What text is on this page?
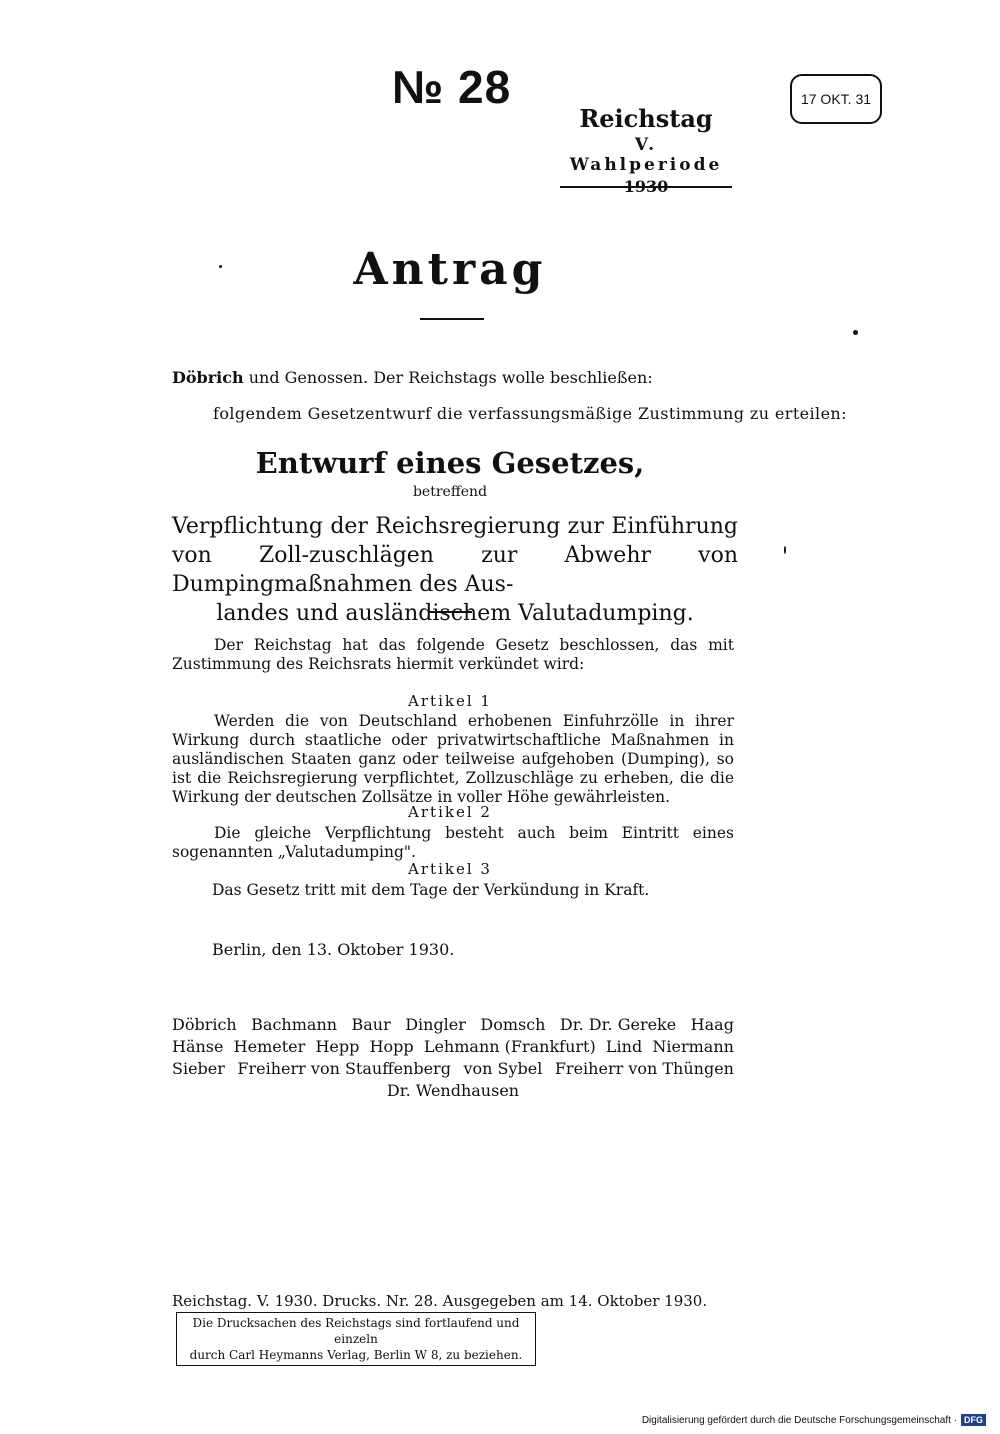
№ 28	17 OKT. 31
Reichstag
V. Wahlperiode
1930
Antrag
Döbrich und Genossen. Der Reichstags wolle beschließen:
folgendem Gesetzentwurf die verfassungsmäßige Zustimmung zu erteilen:
Entwurf eines Gesetzes,
betreffend
Verpflichtung der Reichsregierung zur Einführung von Zoll-zuschlägen zur Abwehr von Dumpingmaßnahmen des Aus-
landes und ausländischem Valutadumping.
Der Reichstag hat das folgende Gesetz beschlossen, das mit Zustimmung des Reichsrats hiermit verkündet wird:
Artikel 1
Werden die von Deutschland erhobenen Einfuhrzölle in ihrer Wirkung durch staatliche oder privatwirtschaftliche Maßnahmen in ausländischen Staaten ganz oder teilweise aufgehoben (Dumping), so ist die Reichsregierung verpflichtet, Zollzuschläge zu erheben, die die Wirkung der deutschen Zollsätze in voller Höhe gewährleisten.
Artikel 2
Die gleiche Verpflichtung besteht auch beim Eintritt eines sogenannten „Valutadumping".
Artikel 3
Das Gesetz tritt mit dem Tage der Verkündung in Kraft.
Berlin, den 13. Oktober 1930.
Döbrich Bachmann Baur Dingler Domsch Dr. Dr. Gereke Haag
Hänse Hemeter Hepp Hopp Lehmann (Frankfurt) Lind Niermann
Sieber Freiherr von Stauffenberg von Sybel Freiherr von Thüngen
Dr. Wendhausen
Reichstag. V. 1930. Drucks. Nr. 28. Ausgegeben am 14. Oktober 1930.
Die Drucksachen des Reichstags sind fortlaufend und einzeln
durch Carl Heymanns Verlag, Berlin W 8, zu beziehen.
Digitalisierung gefördert durch die Deutsche Forschungsgemeinschaft · DFG
